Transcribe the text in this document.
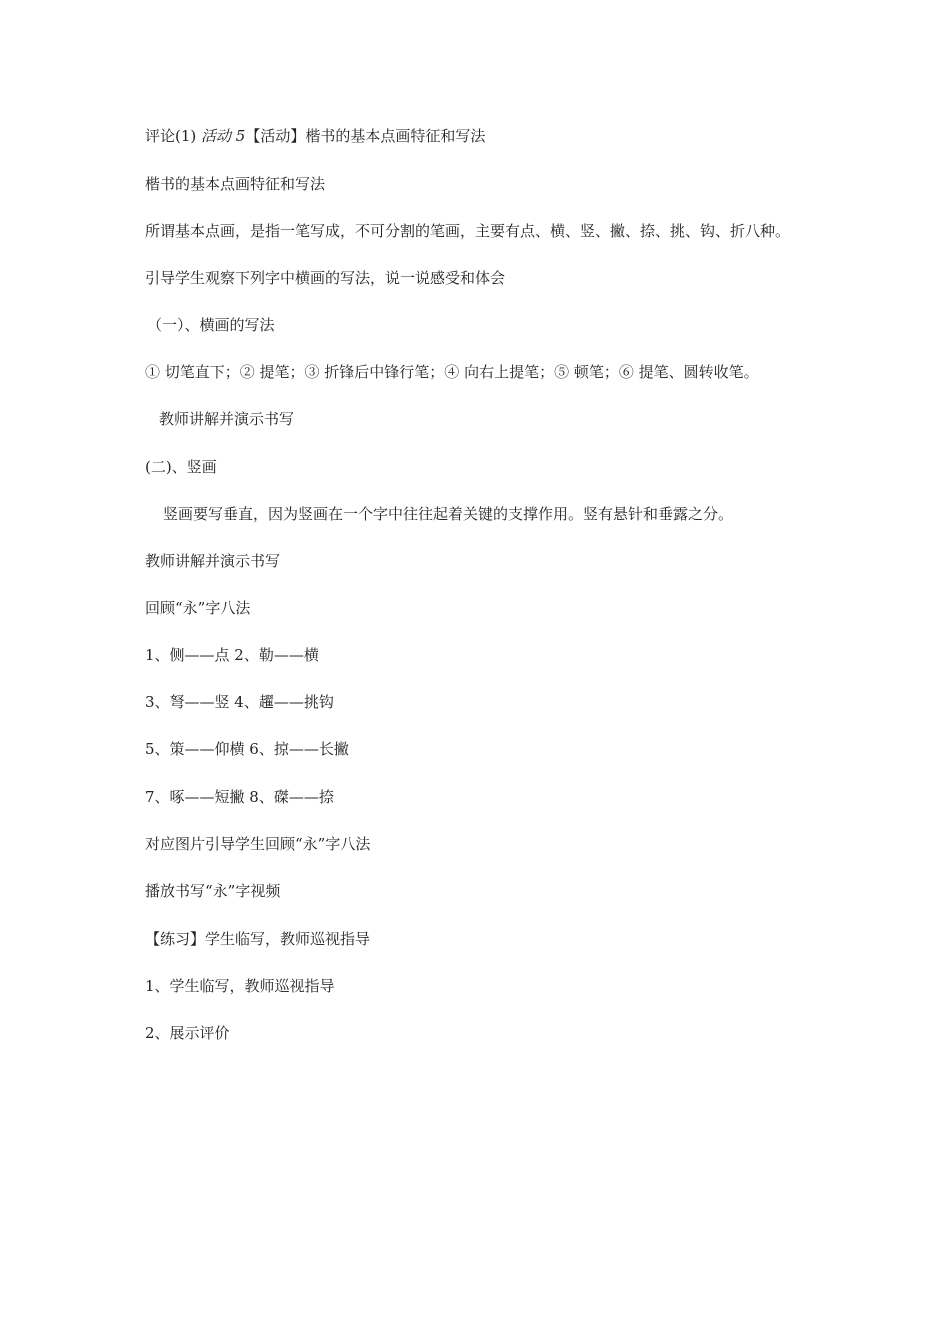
评论(1) 活动 5【活动】楷书的基本点画特征和写法
楷书的基本点画特征和写法
所谓基本点画，是指一笔写成，不可分割的笔画，主要有点、横、竖、撇、捺、挑、钩、折八种。
引导学生观察下列字中横画的写法，说一说感受和体会
（一）、横画的写法
① 切笔直下；② 提笔；③ 折锋后中锋行笔；④ 向右上提笔；⑤ 顿笔；⑥ 提笔、圆转收笔。
教师讲解并演示书写
(二)、竖画
竖画要写垂直，因为竖画在一个字中往往起着关键的支撑作用。竖有悬针和垂露之分。
教师讲解并演示书写
回顾“永”字八法
1、侧——点 2、勒——横
3、弩——竖 4、趯——挑钩
5、策——仰横 6、掠——长撇
7、啄——短撇 8、磔——捺
对应图片引导学生回顾“永”字八法
播放书写“永”字视频
【练习】学生临写，教师巡视指导
1、学生临写，教师巡视指导
2、展示评价
